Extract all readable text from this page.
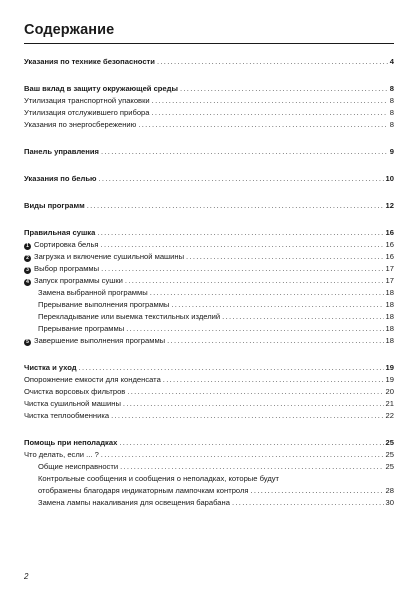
Содержание
Указания по технике безопасности . . .	4
Ваш вклад в защиту окружающей среды . . .	8
Утилизация транспортной упаковки . . .	8
Утилизация отслужившего прибора . . .	8
Указания по энергосбережению . . .	8
Панель управления . . .	9
Указания по белью . . .	10
Виды программ . . .	12
Правильная сушка . . .	16
1 Сортировка белья . . .	16
2 Загрузка и включение сушильной машины . . .	16
3 Выбор программы . . .	17
4 Запуск программы сушки . . .	17
Замена выбранной программы . . .	18
Прерывание выполнения программы . . .	18
Перекладывание или выемка текстильных изделий . . .	18
Прерывание программы . . .	18
5 Завершение выполнения программы . . .	18
Чистка и уход . . .	19
Опорожнение емкости для конденсата . . .	19
Очистка ворсовых фильтров . . .	20
Чистка сушильной машины . . .	21
Чистка теплообменника . . .	22
Помощь при неполадках . . .	25
Что делать, если ... ? . . .	25
Общие неисправности . . .	25
Контрольные сообщения и сообщения о неполадках, которые будут
отображены благодаря индикаторным лампочкам контроля . . .	28
Замена лампы накаливания для освещения барабана . . .	30
2
